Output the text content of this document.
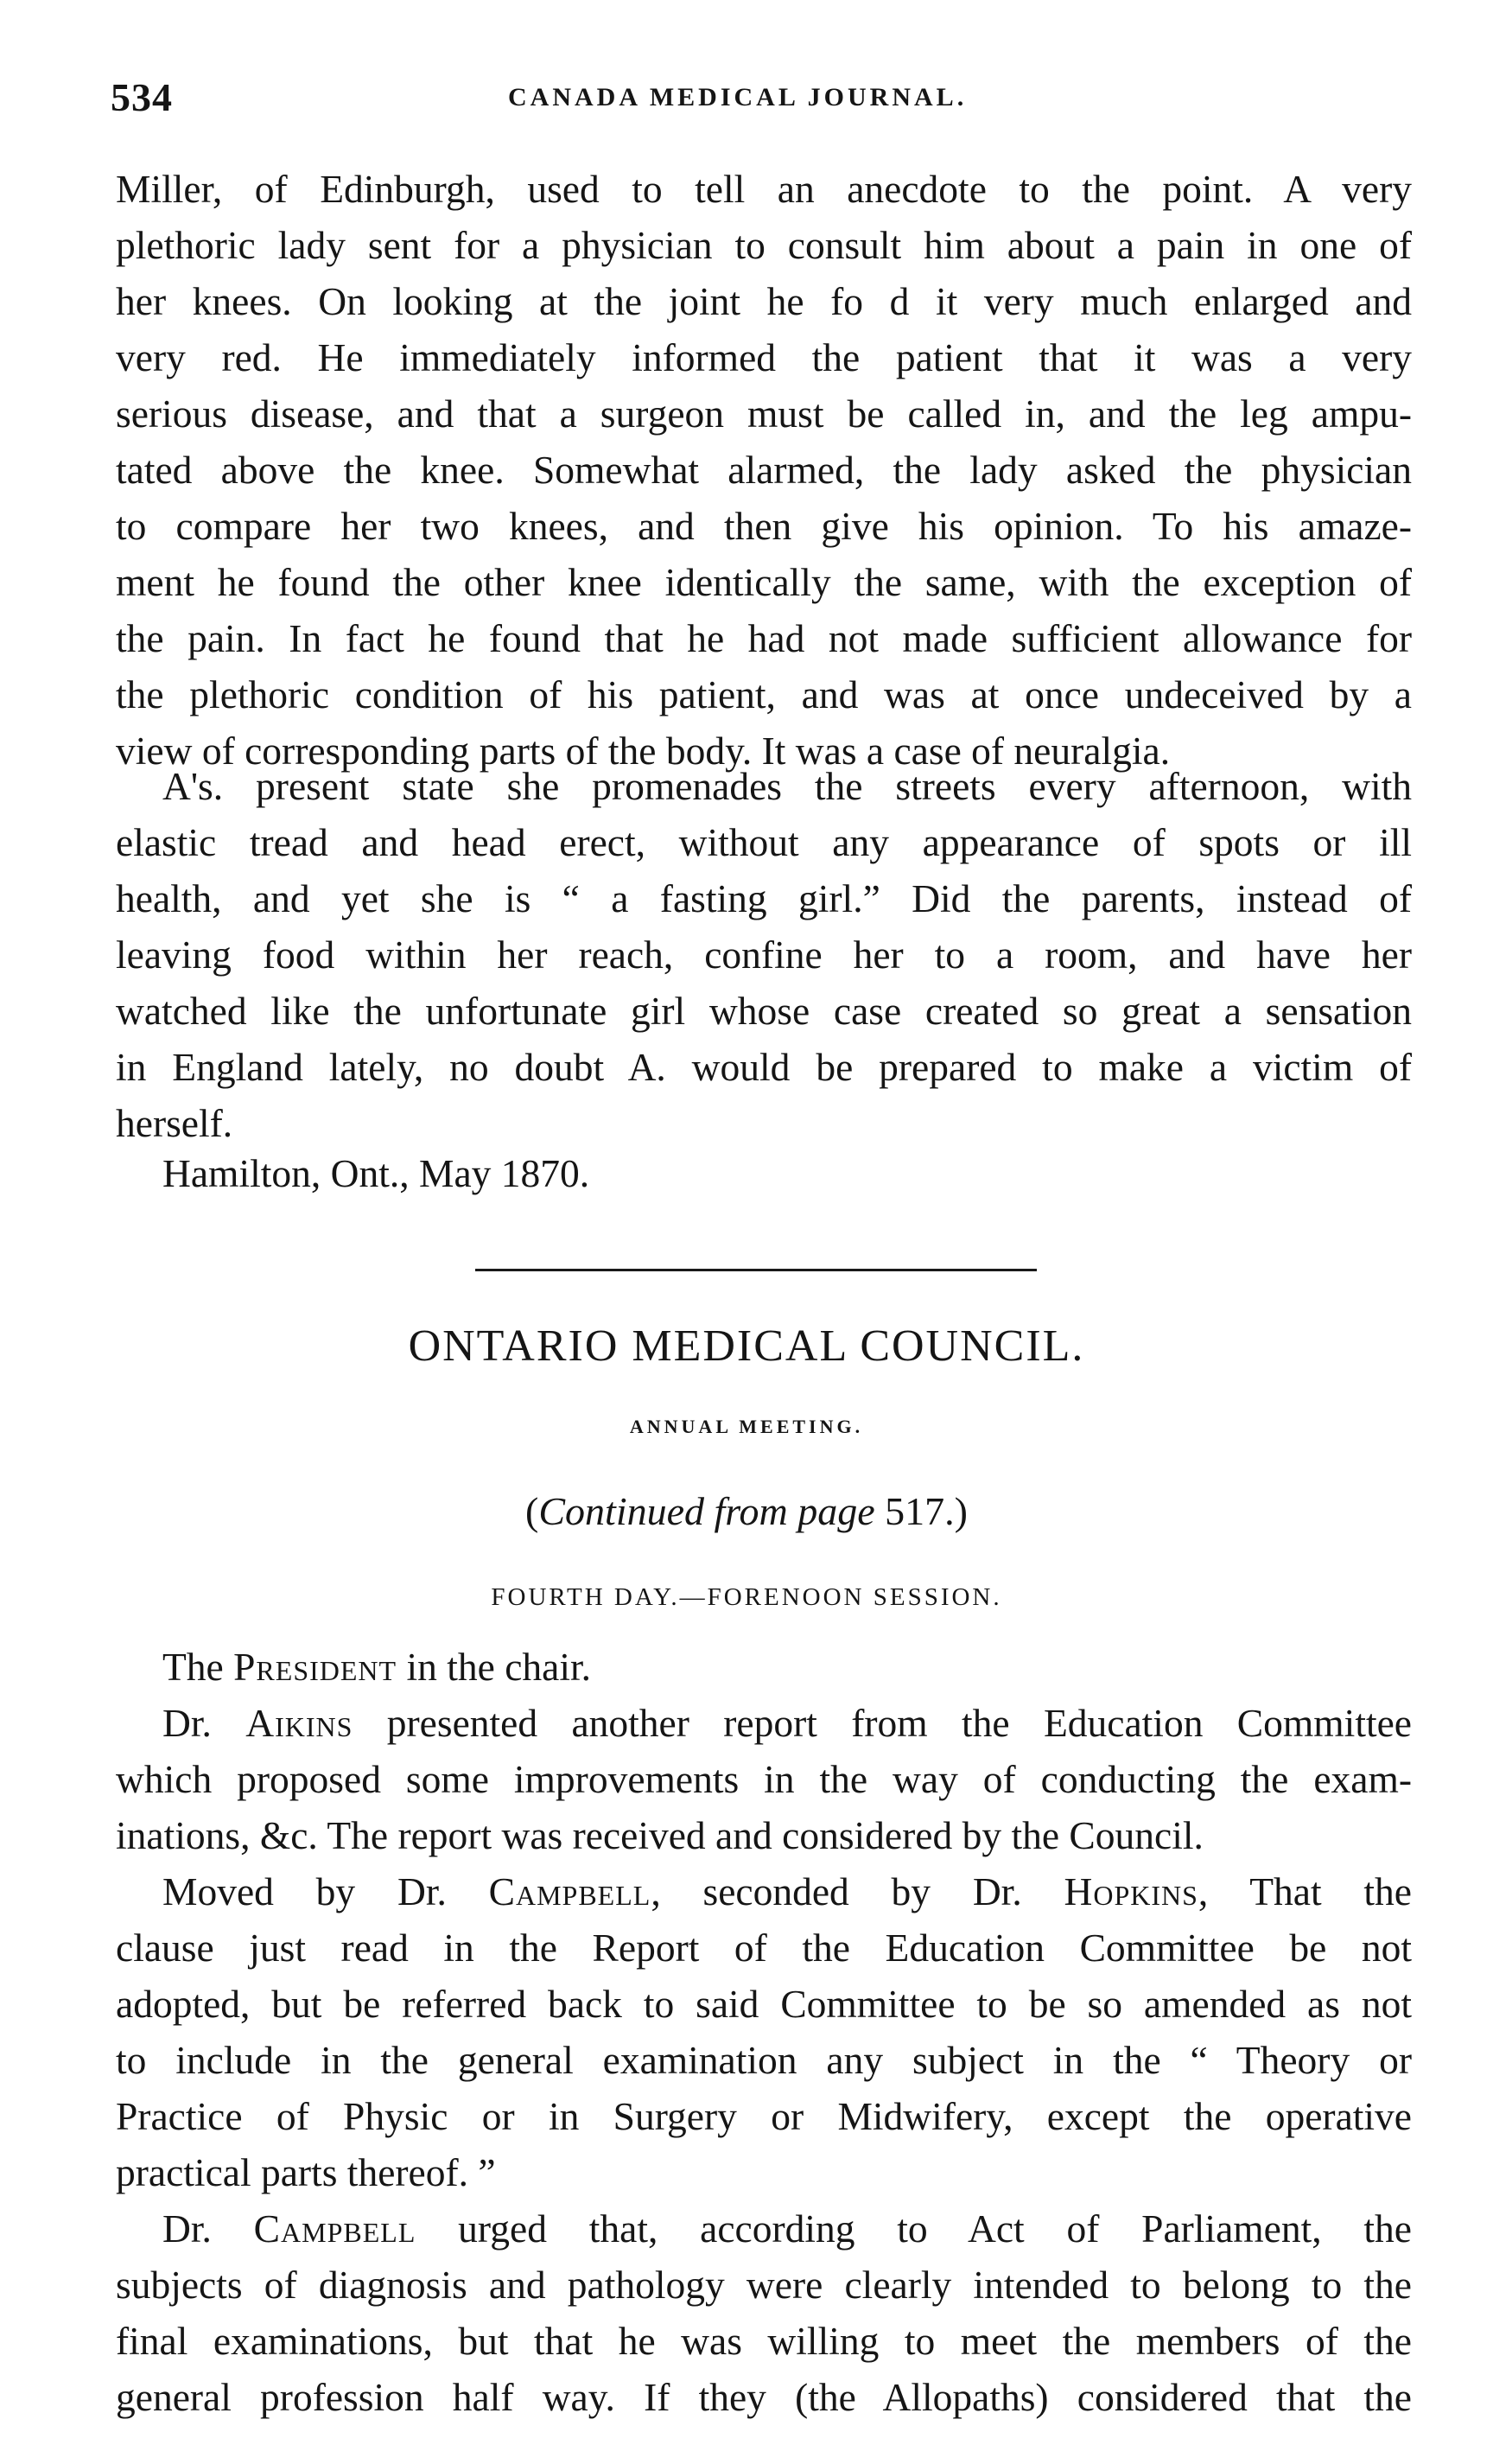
534	CANADA MEDICAL JOURNAL.
Miller, of Edinburgh, used to tell an anecdote to the point. A very
plethoric lady sent for a physician to consult him about a pain in one of
her knees. On looking at the joint he fo d it very much enlarged and
very red. He immediately informed the patient that it was a very
serious disease, and that a surgeon must be called in, and the leg ampu-
tated above the knee. Somewhat alarmed, the lady asked the physician
to compare her two knees, and then give his opinion. To his amaze-
ment he found the other knee identically the same, with the exception of
the pain. In fact he found that he had not made sufficient allowance for
the plethoric condition of his patient, and was at once undeceived by a
view of corresponding parts of the body. It was a case of neuralgia.
A's. present state she promenades the streets every afternoon, with
elastic tread and head erect, without any appearance of spots or ill
health, and yet she is “ a fasting girl.” Did the parents, instead of
leaving food within her reach, confine her to a room, and have her
watched like the unfortunate girl whose case created so great a sensation
in England lately, no doubt A. would be prepared to make a victim of
herself.
Hamilton, Ont., May 1870.
ONTARIO MEDICAL COUNCIL.
ANNUAL MEETING.
(Continued from page 517.)
FOURTH DAY.—FORENOON SESSION.
The President in the chair.
Dr. Aikins presented another report from the Education Committee
which proposed some improvements in the way of conducting the exam-
inations, &c. The report was received and considered by the Council.
Moved by Dr. Campbell, seconded by Dr. Hopkins, That the
clause just read in the Report of the Education Committee be not
adopted, but be referred back to said Committee to be so amended as not
to include in the general examination any subject in the “ Theory or
Practice of Physic or in Surgery or Midwifery, except the operative
practical parts thereof. ”
Dr. Campbell urged that, according to Act of Parliament, the
subjects of diagnosis and pathology were clearly intended to belong to the
final examinations, but that he was willing to meet the members of the
general profession half way. If they (the Allopaths) considered that the
